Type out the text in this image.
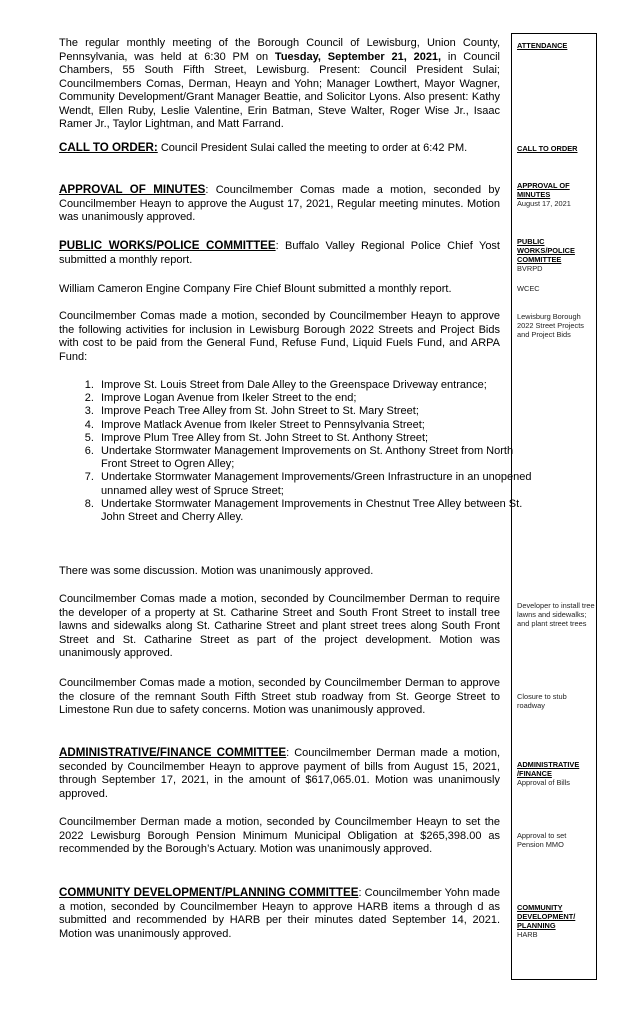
The regular monthly meeting of the Borough Council of Lewisburg, Union County, Pennsylvania, was held at 6:30 PM on Tuesday, September 21, 2021, in Council Chambers, 55 South Fifth Street, Lewisburg. Present: Council President Sulai; Councilmembers Comas, Derman, Heayn and Yohn; Manager Lowthert, Mayor Wagner, Community Development/Grant Manager Beattie, and Solicitor Lyons. Also present: Kathy Wendt, Ellen Ruby, Leslie Valentine, Erin Batman, Steve Walter, Roger Wise Jr., Isaac Ramer Jr., Taylor Lightman, and Matt Farrand.

CALL TO ORDER: Council President Sulai called the meeting to order at 6:42 PM.

APPROVAL OF MINUTES: Councilmember Comas made a motion, seconded by Councilmember Heayn to approve the August 17, 2021, Regular meeting minutes. Motion was unanimously approved.

PUBLIC WORKS/POLICE COMMITTEE: Buffalo Valley Regional Police Chief Yost submitted a monthly report.

William Cameron Engine Company Fire Chief Blount submitted a monthly report.

Councilmember Comas made a motion, seconded by Councilmember Heayn to approve the following activities for inclusion in Lewisburg Borough 2022 Streets and Project Bids with cost to be paid from the General Fund, Refuse Fund, Liquid Fuels Fund, and ARPA Fund:

1. Improve St. Louis Street from Dale Alley to the Greenspace Driveway entrance;
2. Improve Logan Avenue from Ikeler Street to the end;
3. Improve Peach Tree Alley from St. John Street to St. Mary Street;
4. Improve Matlack Avenue from Ikeler Street to Pennsylvania Street;
5. Improve Plum Tree Alley from St. John Street to St. Anthony Street;
6. Undertake Stormwater Management Improvements on St. Anthony Street from North Front Street to Ogren Alley;
7. Undertake Stormwater Management Improvements/Green Infrastructure in an unopened unnamed alley west of Spruce Street;
8. Undertake Stormwater Management Improvements in Chestnut Tree Alley between St. John Street and Cherry Alley.

There was some discussion. Motion was unanimously approved.

Councilmember Comas made a motion, seconded by Councilmember Derman to require the developer of a property at St. Catharine Street and South Front Street to install tree lawns and sidewalks along St. Catharine Street and plant street trees along South Front Street and St. Catharine Street as part of the project development. Motion was unanimously approved.

Councilmember Comas made a motion, seconded by Councilmember Derman to approve the closure of the remnant South Fifth Street stub roadway from St. George Street to Limestone Run due to safety concerns. Motion was unanimously approved.

ADMINISTRATIVE/FINANCE COMMITTEE: Councilmember Derman made a motion, seconded by Councilmember Heayn to approve payment of bills from August 15, 2021, through September 17, 2021, in the amount of $617,065.01. Motion was unanimously approved.

Councilmember Derman made a motion, seconded by Councilmember Heayn to set the 2022 Lewisburg Borough Pension Minimum Municipal Obligation at $265,398.00 as recommended by the Borough’s Actuary. Motion was unanimously approved.

COMMUNITY DEVELOPMENT/PLANNING COMMITTEE: Councilmember Yohn made a motion, seconded by Councilmember Heayn to approve HARB items a through d as submitted and recommended by HARB per their minutes dated September 14, 2021. Motion was unanimously approved.

ATTENDANCE
CALL TO ORDER
APPROVAL OF MINUTES
August 17, 2021
PUBLIC WORKS/POLICE COMMITTEE
BVRPD
WCEC
Lewisburg Borough 2022 Street Projects and Project Bids
Developer to install tree lawns and sidewalks; and plant street trees
Closure to stub roadway
ADMINISTRATIVE /FINANCE
Approval of Bills
Approval to set Pension MMO
COMMUNITY DEVELOPMENT/ PLANNING
HARB
